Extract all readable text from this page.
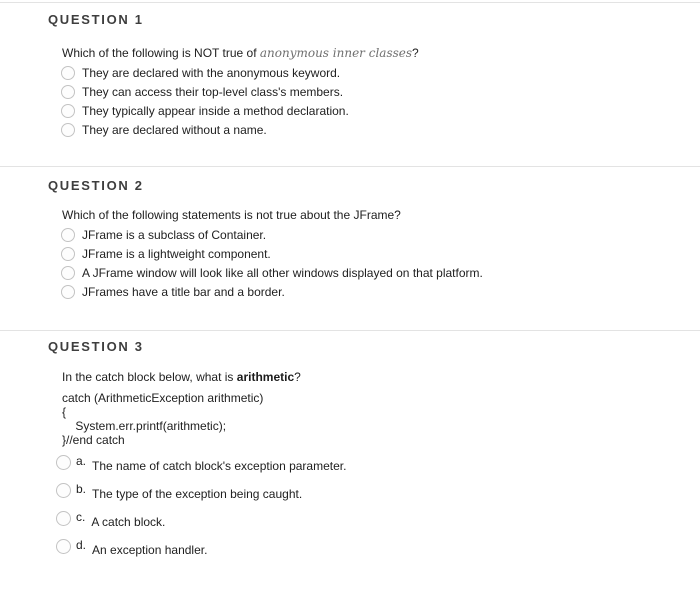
QUESTION 1
Which of the following is NOT true of anonymous inner classes?
They are declared with the anonymous keyword.
They can access their top-level class's members.
They typically appear inside a method declaration.
They are declared without a name.
QUESTION 2
Which of the following statements is not true about the JFrame?
JFrame is a subclass of Container.
JFrame is a lightweight component.
A JFrame window will look like all other windows displayed on that platform.
JFrames have a title bar and a border.
QUESTION 3
In the catch block below, what is arithmetic?
catch (ArithmeticException arithmetic)
{
System.err.printf(arithmetic);
}//end catch
a. The name of catch block's exception parameter.
b. The type of the exception being caught.
c. A catch block.
d. An exception handler.
